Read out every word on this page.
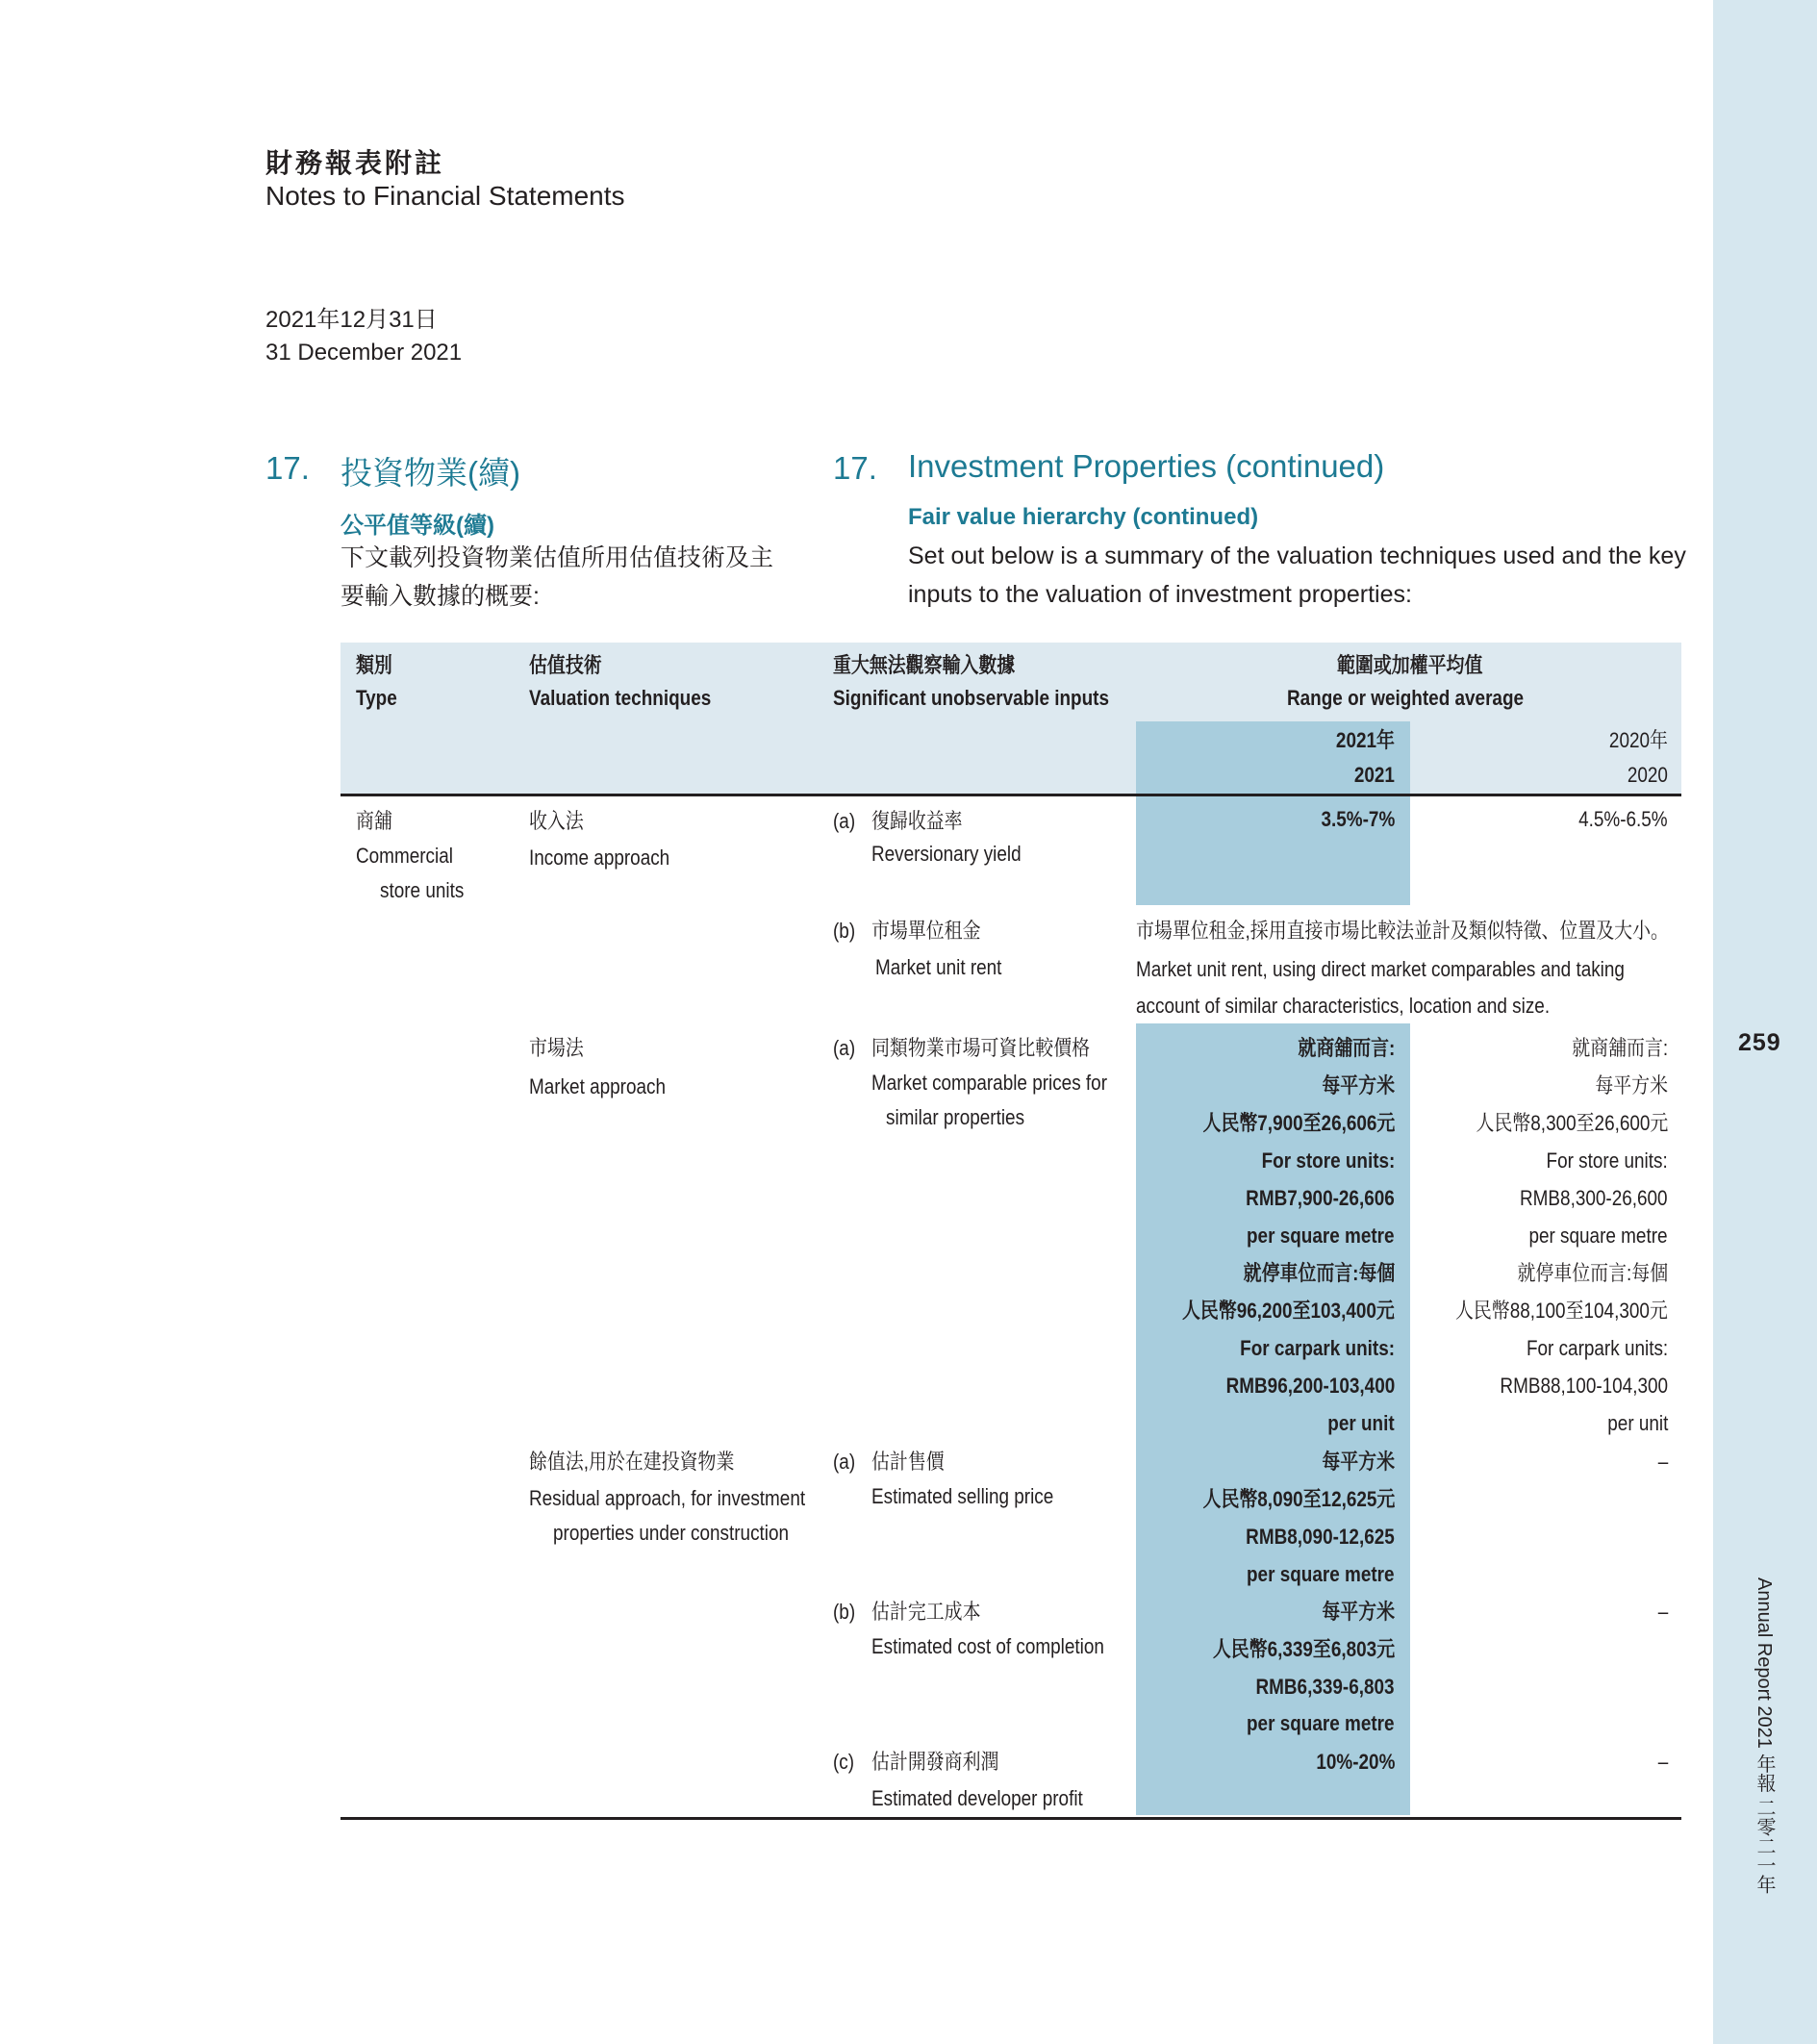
259
Annual Report 2021 年報 二零二一年
財務報表附註
Notes to Financial Statements
2021年12月31日
31 December 2021
17. 投資物業(續)
公平值等級(續)
下文載列投資物業估值所用估值技術及主
要輸入數據的概要:
17. Investment Properties (continued)
Fair value hierarchy (continued)
Set out below is a summary of the valuation techniques used and the key
inputs to the valuation of investment properties:
類別
Type
估值技術
Valuation techniques
重大無法觀察輸入數據
Significant unobservable inputs
範圍或加權平均值
Range or weighted average
2021年
2021
2020年
2020
商舖
Commercial
store units
收入法
Income approach
(a) 復歸收益率
Reversionary yield
3.5%-7%	4.5%-6.5%
(b) 市場單位租金
Market unit rent
市場單位租金,採用直接市場比較法並計及類似特徵、位置及大小。
Market unit rent, using direct market comparables and taking
account of similar characteristics, location and size.
市場法
Market approach
(a) 同類物業市場可資比較價格
Market comparable prices for
similar properties
就商舖而言:
每平方米
人民幣7,900至26,606元
For store units:
RMB7,900-26,606
per square metre
就停車位而言:每個
人民幣96,200至103,400元
For carpark units:
RMB96,200-103,400
per unit
就商舖而言:
每平方米
人民幣8,300至26,600元
For store units:
RMB8,300-26,600
per square metre
就停車位而言:每個
人民幣88,100至104,300元
For carpark units:
RMB88,100-104,300
per unit
餘值法,用於在建投資物業
Residual approach, for investment
properties under construction
(a) 估計售價
Estimated selling price
每平方米
人民幣8,090至12,625元
RMB8,090-12,625
per square metre
–
(b) 估計完工成本
Estimated cost of completion
每平方米
人民幣6,339至6,803元
RMB6,339-6,803
per square metre
–
(c) 估計開發商利潤
Estimated developer profit
10%-20%	–
